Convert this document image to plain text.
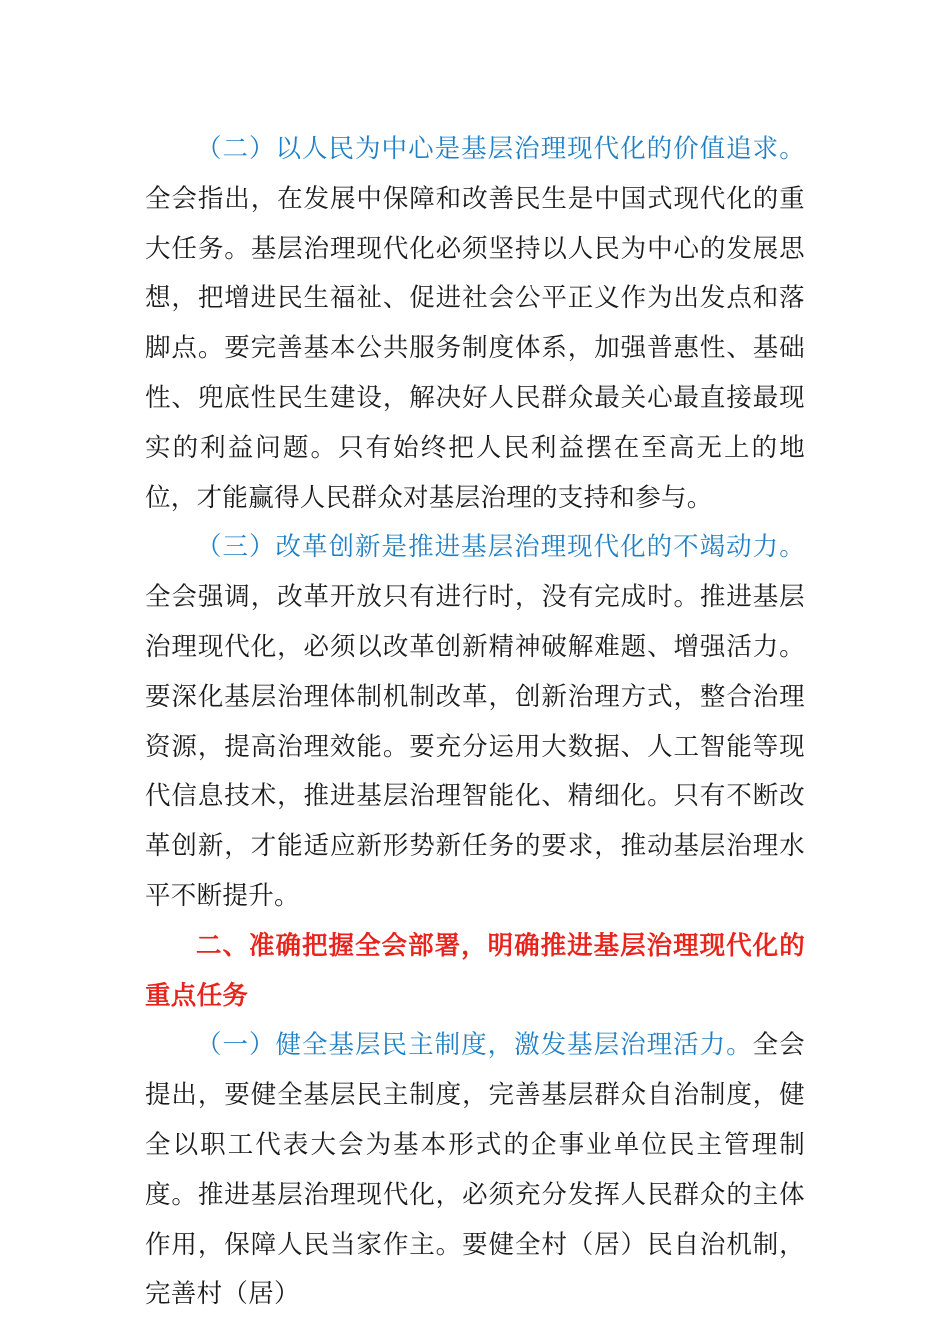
（二）以人民为中心是基层治理现代化的价值追求。全会指出，在发展中保障和改善民生是中国式现代化的重大任务。基层治理现代化必须坚持以人民为中心的发展思想，把增进民生福祉、促进社会公平正义作为出发点和落脚点。要完善基本公共服务制度体系，加强普惠性、基础性、兜底性民生建设，解决好人民群众最关心最直接最现实的利益问题。只有始终把人民利益摆在至高无上的地位，才能赢得人民群众对基层治理的支持和参与。

（三）改革创新是推进基层治理现代化的不竭动力。全会强调，改革开放只有进行时，没有完成时。推进基层治理现代化，必须以改革创新精神破解难题、增强活力。要深化基层治理体制机制改革，创新治理方式，整合治理资源，提高治理效能。要充分运用大数据、人工智能等现代信息技术，推进基层治理智能化、精细化。只有不断改革创新，才能适应新形势新任务的要求，推动基层治理水平不断提升。

二、准确把握全会部署，明确推进基层治理现代化的重点任务

（一）健全基层民主制度，激发基层治理活力。全会提出，要健全基层民主制度，完善基层群众自治制度，健全以职工代表大会为基本形式的企事业单位民主管理制度。推进基层治理现代化，必须充分发挥人民群众的主体作用，保障人民当家作主。要健全村（居）民自治机制，完善村（居）
